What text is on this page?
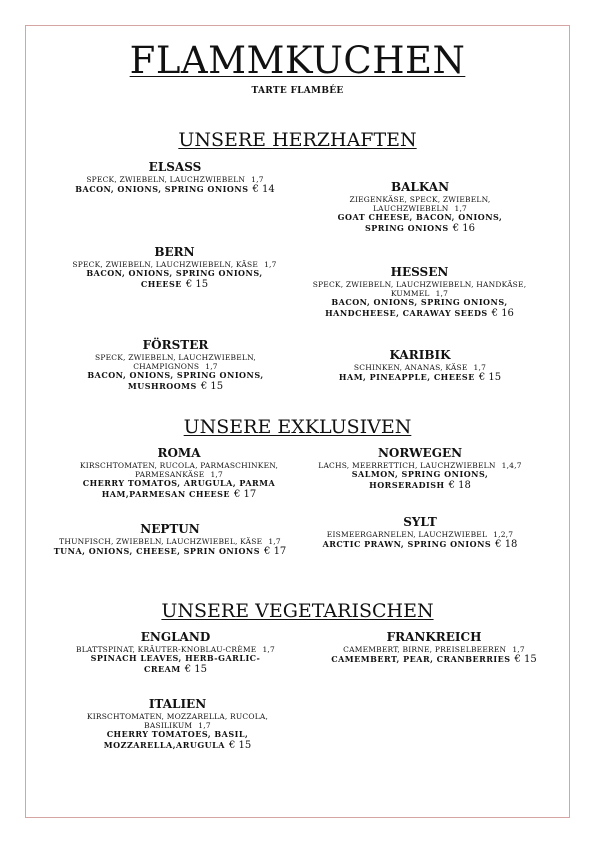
FLAMMKUCHEN
TARTE FLAMBÉE
UNSERE HERZHAFTEN
ELSASS
SPECK, ZWIEBELN, LAUCHZWIEBELN 1,7
BACON, ONIONS, SPRING ONIONS € 14	BALKAN
ZIEGENKÄSE, SPECK, ZWIEBELN, LAUCHZWIEBELN 1,7
GOAT CHEESE, BACON, ONIONS, SPRING ONIONS € 16
BERN
SPECK, ZWIEBELN, LAUCHZWIEBELN, KÄSE 1,7
BACON, ONIONS, SPRING ONIONS, CHEESE € 15
HESSEN
SPECK, ZWIEBELN, LAUCHZWIEBELN, HANDKÄSE, KUMMEL 1,7
BACON, ONIONS, SPRING ONIONS, HANDCHEESE, CARAWAY SEEDS € 16
FÖRSTER
SPECK, ZWIEBELN, LAUCHZWIEBELN, CHAMPIGNONS 1,7
BACON, ONIONS, SPRING ONIONS, MUSHROOMS € 15
KARIBIK
SCHINKEN, ANANAS, KÄSE 1,7
HAM, PINEAPPLE, CHEESE € 15
UNSERE EXKLUSIVEN
ROMA
KIRSCHTOMATEN, RUCOLA, PARMASCHINKEN, PARMESANKÄSE 1,7
CHERRY TOMATOS, ARUGULA, PARMA HAM,PARMESAN CHEESE € 17
NORWEGEN
LACHS, MEERRETTICH, LAUCHZWIEBELN 1,4,7
SALMON, SPRING ONIONS, HORSERADISH € 18
NEPTUN
THUNFISCH, ZWIEBELN, LAUCHZWIEBEL, KÄSE 1,7
TUNA, ONIONS, CHEESE, SPRIN ONIONS € 17
SYLT
EISMEERGARNELEN, LAUCHZWIEBEL 1,2,7
ARCTIC PRAWN, SPRING ONIONS € 18
UNSERE VEGETARISCHEN
ENGLAND
BLATTSPINAT, KRÄUTER-KNOBLAU-CRÈME 1,7
SPINACH LEAVES, HERB-GARLIC-CREAM € 15
FRANKREICH
CAMEMBERT, BIRNE, PREISELBEEREN 1,7
CAMEMBERT, PEAR, CRANBERRIES € 15
ITALIEN
KIRSCHTOMATEN, MOZZARELLA, RUCOLA, BASILIKUM 1,7
CHERRY TOMATOES, BASIL, MOZZARELLA,ARUGULA € 15
